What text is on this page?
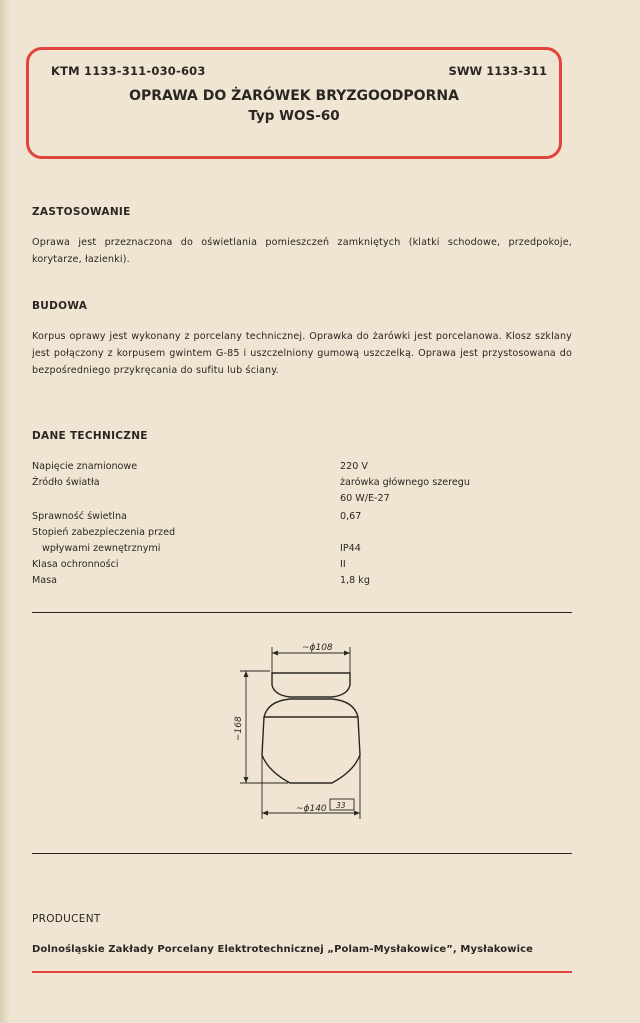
KTM 1133-311-030-603	SWW 1133-311
OPRAWA DO ŻARÓWEK BRYZGOODPORNA
Typ WOS-60
ZASTOSOWANIE
Oprawa jest przeznaczona do oświetlania pomieszczeń zamkniętych (klatki schodowe, przedpokoje, korytarze, łazienki).
BUDOWA
Korpus oprawy jest wykonany z porcelany technicznej. Oprawka do żarówki jest porcelanowa. Klosz szklany jest połączony z korpusem gwintem G-85 i uszczelniony gumową uszczelką. Oprawa jest przystosowana do bezpośredniego przykręcania do sufitu lub ściany.
DANE TECHNICZNE
Napięcie znamionowe	220 V
Źródło światła	żarówka głównego szeregu
60 W/E-27
Sprawność świetlna	0,67
Stopień zabezpieczenia przed
wpływami zewnętrznymi	IP44
Klasa ochronności	II
Masa	1,8 kg
~ϕ108
~168
~ϕ140 33
PRODUCENT
Dolnośląskie Zakłady Porcelany Elektrotechnicznej „Polam-Mysłakowice”, Mysłakowice
